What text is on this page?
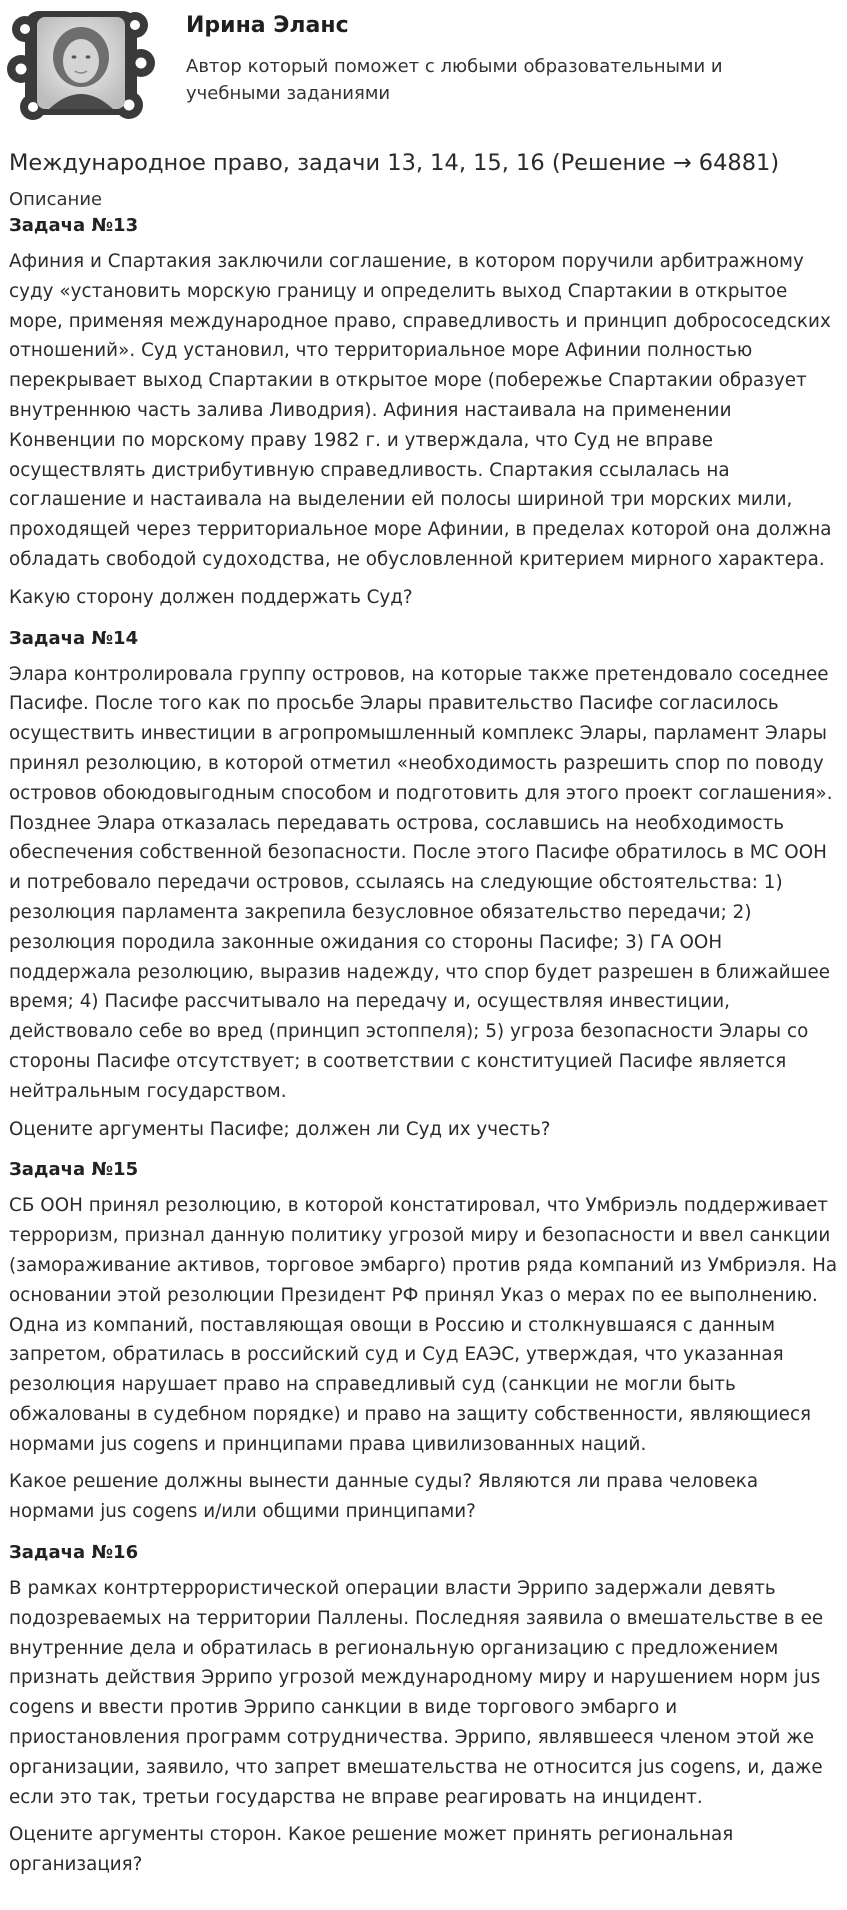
Ирина Эланс

Автор который поможет с любыми образовательными и учебными заданиями

Международное право, задачи 13, 14, 15, 16 (Решение → 64881)
Описание
Задача №13

Афиния и Спартакия заключили соглашение, в котором поручили арбитражному суду «установить морскую границу и определить выход Спартакии в открытое море, применяя международное право, справедливость и принцип добрососедских отношений». Суд установил, что территориальное море Афинии полностью перекрывает выход Спартакии в открытое море (побережье Спартакии образует внутреннюю часть залива Ливодрия). Афиния настаивала на применении Конвенции по морскому праву 1982 г. и утверждала, что Суд не вправе осуществлять дистрибутивную справедливость. Спартакия ссылалась на соглашение и настаивала на выделении ей полосы шириной три морских мили, проходящей через территориальное море Афинии, в пределах которой она должна обладать свободой судоходства, не обусловленной критерием мирного характера.

Какую сторону должен поддержать Суд?

Задача №14

Элара контролировала группу островов, на которые также претендовало соседнее Пасифе. После того как по просьбе Элары правительство Пасифе согласилось осуществить инвестиции в агропромышленный комплекс Элары, парламент Элары принял резолюцию, в которой отметил «необходимость разрешить спор по поводу островов обоюдовыгодным способом и подготовить для этого проект соглашения». Позднее Элара отказалась передавать острова, сославшись на необходимость обеспечения собственной безопасности. После этого Пасифе обратилось в МС ООН и потребовало передачи островов, ссылаясь на следующие обстоятельства: 1) резолюция парламента закрепила безусловное обязательство передачи; 2) резолюция породила законные ожидания со стороны Пасифе; 3) ГА ООН поддержала резолюцию, выразив надежду, что спор будет разрешен в ближайшее время; 4) Пасифе рассчитывало на передачу и, осуществляя инвестиции, действовало себе во вред (принцип эстоппеля); 5) угроза безопасности Элары со стороны Пасифе отсутствует; в соответствии с конституцией Пасифе является нейтральным государством.

Оцените аргументы Пасифе; должен ли Суд их учесть?

Задача №15

СБ ООН принял резолюцию, в которой констатировал, что Умбриэль поддерживает терроризм, признал данную политику угрозой миру и безопасности и ввел санкции (замораживание активов, торговое эмбарго) против ряда компаний из Умбриэля. На основании этой резолюции Президент РФ принял Указ о мерах по ее выполнению. Одна из компаний, поставляющая овощи в Россию и столкнувшаяся с данным запретом, обратилась в российский суд и Суд ЕАЭС, утверждая, что указанная резолюция нарушает право на справедливый суд (санкции не могли быть обжалованы в судебном порядке) и право на защиту собственности, являющиеся нормами jus cogens и принципами права цивилизованных наций.

Какое решение должны вынести данные суды? Являются ли права человека нормами jus cogens и/или общими принципами?

Задача №16

В рамках контртеррористической операции власти Эррипо задержали девять подозреваемых на территории Паллены. Последняя заявила о вмешательстве в ее внутренние дела и обратилась в региональную организацию с предложением признать действия Эррипо угрозой международному миру и нарушением норм jus cogens и ввести против Эррипо санкции в виде торгового эмбарго и приостановления программ сотрудничества. Эррипо, являвшееся членом этой же организации, заявило, что запрет вмешательства не относится jus cogens, и, даже если это так, третьи государства не вправе реагировать на инцидент.

Оцените аргументы сторон. Какое решение может принять региональная организация?
